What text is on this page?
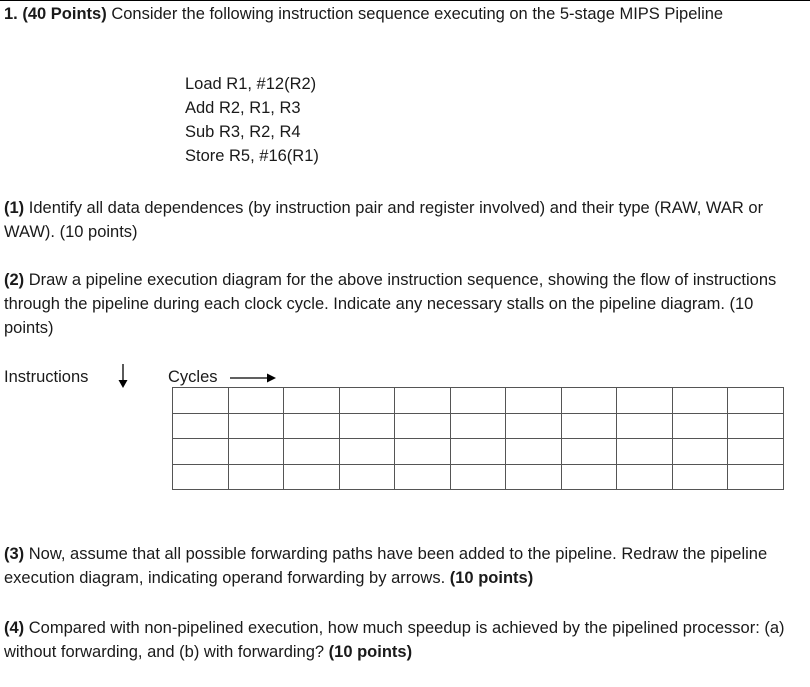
1. (40 Points) Consider the following instruction sequence executing on the 5-stage MIPS Pipeline

Load R1, #12(R2)
Add R2, R1, R3
Sub R3, R2, R4
Store R5, #16(R1)

(1) Identify all data dependences (by instruction pair and register involved) and their type (RAW, WAR or WAW). (10 points)

(2) Draw a pipeline execution diagram for the above instruction sequence, showing the flow of instructions through the pipeline during each clock cycle. Indicate any necessary stalls on the pipeline diagram. (10 points)

Instructions	Cycles

(3) Now, assume that all possible forwarding paths have been added to the pipeline. Redraw the pipeline execution diagram, indicating operand forwarding by arrows. (10 points)

(4) Compared with non-pipelined execution, how much speedup is achieved by the pipelined processor: (a) without forwarding, and (b) with forwarding? (10 points)
